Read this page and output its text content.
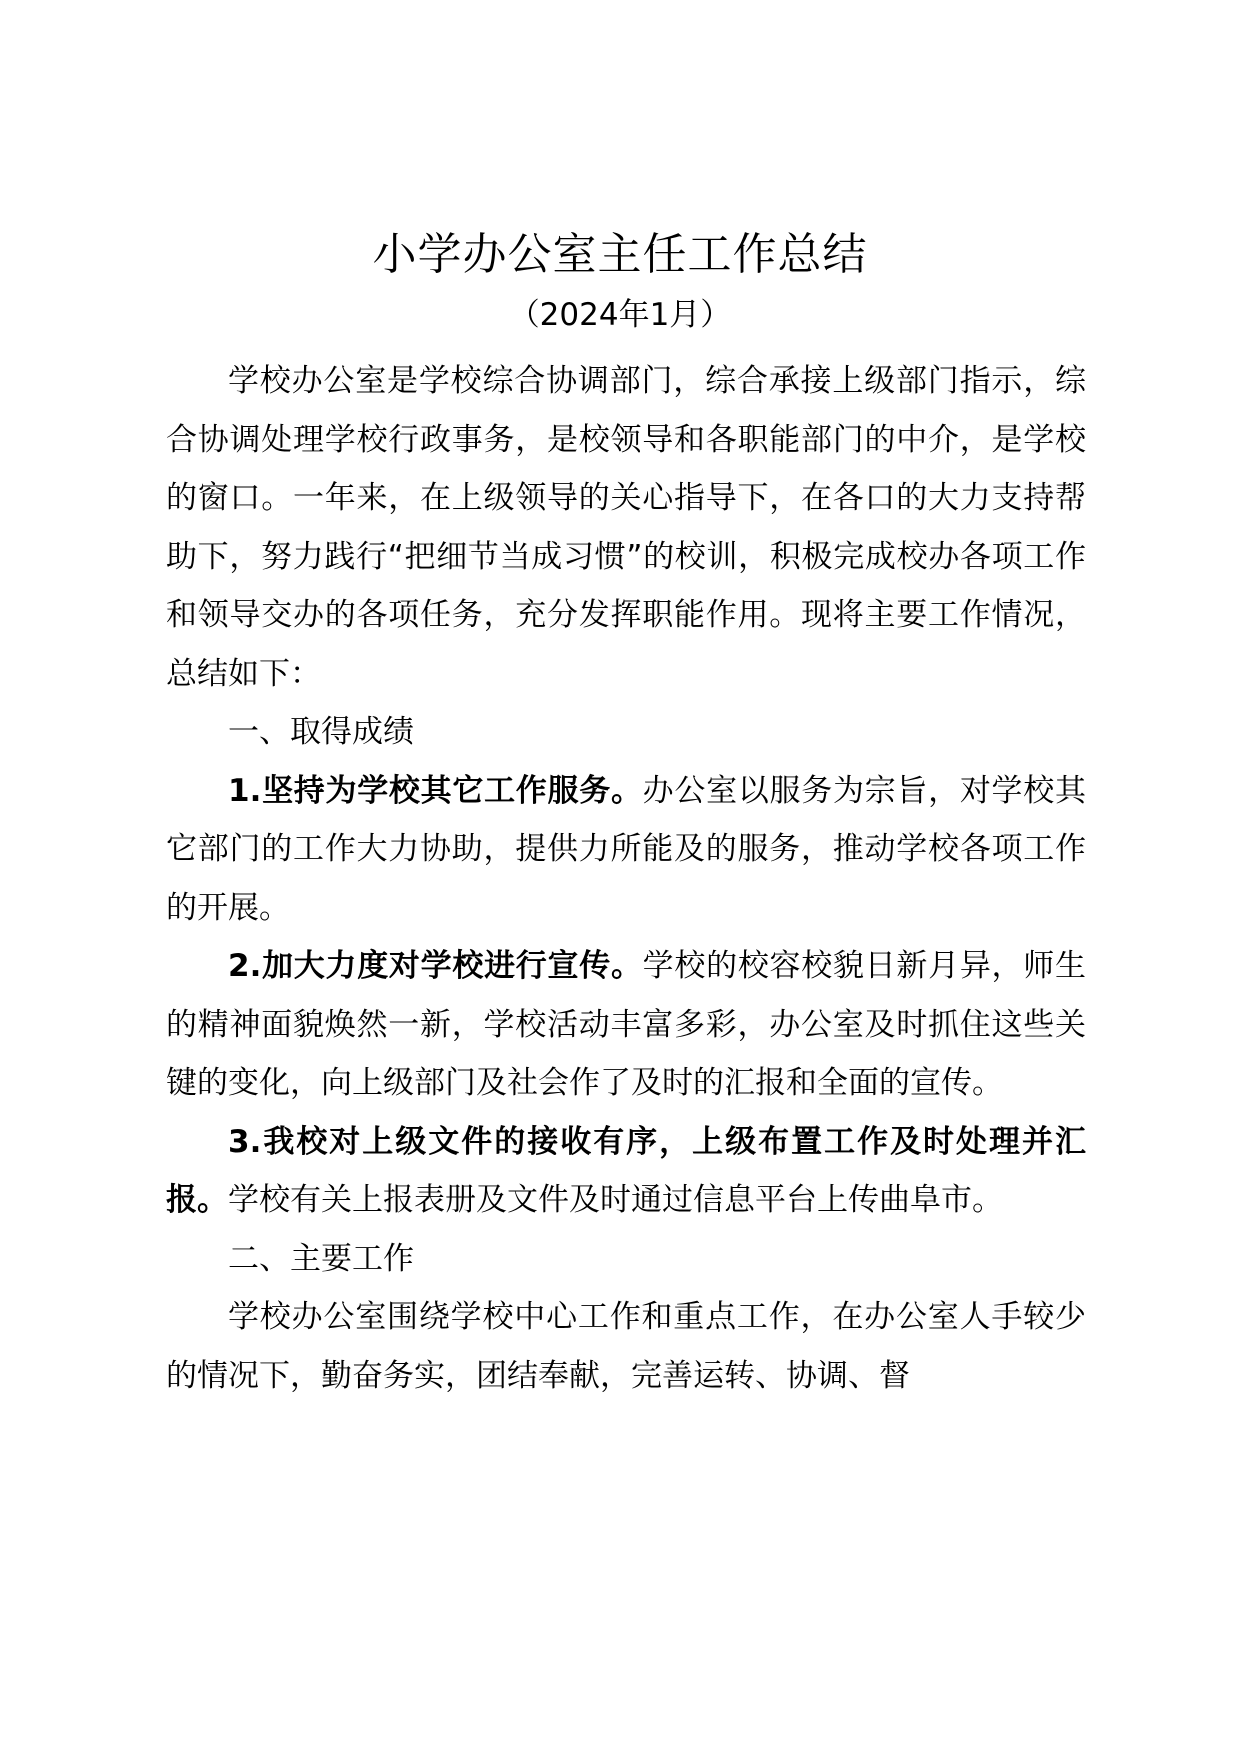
小学办公室主任工作总结
（2024年1月）

学校办公室是学校综合协调部门，综合承接上级部门指示，综合协调处理学校行政事务，是校领导和各职能部门的中介，是学校的窗口。一年来，在上级领导的关心指导下，在各口的大力支持帮助下，努力践行“把细节当成习惯”的校训，积极完成校办各项工作和领导交办的各项任务，充分发挥职能作用。现将主要工作情况，总结如下：

一、取得成绩

1.坚持为学校其它工作服务。办公室以服务为宗旨，对学校其它部门的工作大力协助，提供力所能及的服务，推动学校各项工作的开展。

2.加大力度对学校进行宣传。学校的校容校貌日新月异，师生的精神面貌焕然一新，学校活动丰富多彩，办公室及时抓住这些关键的变化，向上级部门及社会作了及时的汇报和全面的宣传。

3.我校对上级文件的接收有序，上级布置工作及时处理并汇报。学校有关上报表册及文件及时通过信息平台上传曲阜市。

二、主要工作

学校办公室围绕学校中心工作和重点工作，在办公室人手较少的情况下，勤奋务实，团结奉献，完善运转、协调、督
